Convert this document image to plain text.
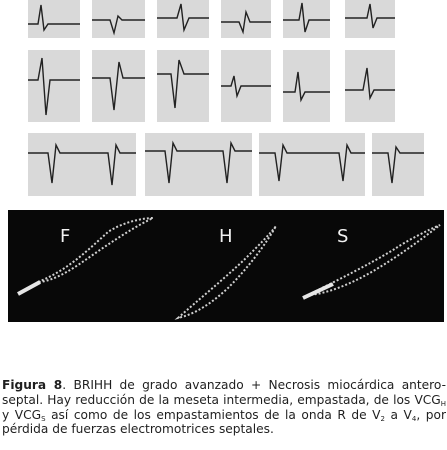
F	H	S
Figura 8. BRIHH de grado avanzado + Necrosis miocárdica antero-septal. Hay reducción de la meseta intermedia, empastada, de los $VCG_H$ y $VCG_S$ así como de los empastamientos de la onda R de $V_2$ a $V_4$, por pérdida de fuerzas electromotrices septales.
